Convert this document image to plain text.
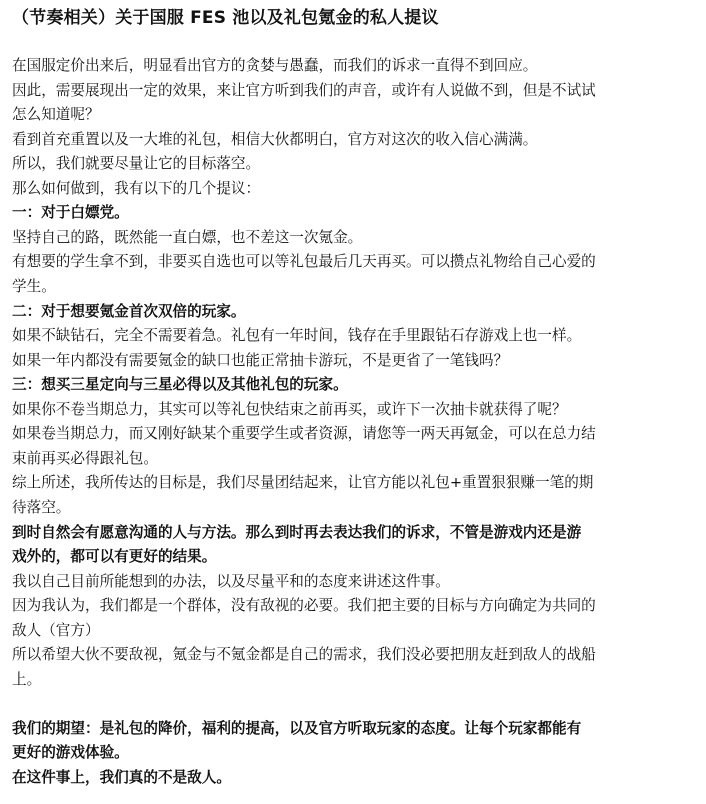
（节奏相关）关于国服 FES 池以及礼包氪金的私人提议
在国服定价出来后，明显看出官方的贪婪与愚蠢，而我们的诉求一直得不到回应。
因此，需要展现出一定的效果，来让官方听到我们的声音，或许有人说做不到，但是不试试
怎么知道呢？
看到首充重置以及一大堆的礼包，相信大伙都明白，官方对这次的收入信心满满。
所以，我们就要尽量让它的目标落空。
那么如何做到，我有以下的几个提议：
一：对于白嫖党。
坚持自己的路，既然能一直白嫖，也不差这一次氪金。
有想要的学生拿不到，非要买自选也可以等礼包最后几天再买。可以攒点礼物给自己心爱的
学生。
二：对于想要氪金首次双倍的玩家。
如果不缺钻石，完全不需要着急。礼包有一年时间，钱存在手里跟钻石存游戏上也一样。
如果一年内都没有需要氪金的缺口也能正常抽卡游玩，不是更省了一笔钱吗？
三：想买三星定向与三星必得以及其他礼包的玩家。
如果你不卷当期总力，其实可以等礼包快结束之前再买，或许下一次抽卡就获得了呢？
如果卷当期总力，而又刚好缺某个重要学生或者资源，请您等一两天再氪金，可以在总力结
束前再买必得跟礼包。
综上所述，我所传达的目标是，我们尽量团结起来，让官方能以礼包+重置狠狠赚一笔的期
待落空。
到时自然会有愿意沟通的人与方法。那么到时再去表达我们的诉求，不管是游戏内还是游
戏外的，都可以有更好的结果。
我以自己目前所能想到的办法，以及尽量平和的态度来讲述这件事。
因为我认为，我们都是一个群体，没有敌视的必要。我们把主要的目标与方向确定为共同的
敌人（官方）
所以希望大伙不要敌视，氪金与不氪金都是自己的需求，我们没必要把朋友赶到敌人的战船
上。
我们的期望：是礼包的降价，福利的提高，以及官方听取玩家的态度。让每个玩家都能有
更好的游戏体验。
在这件事上，我们真的不是敌人。
